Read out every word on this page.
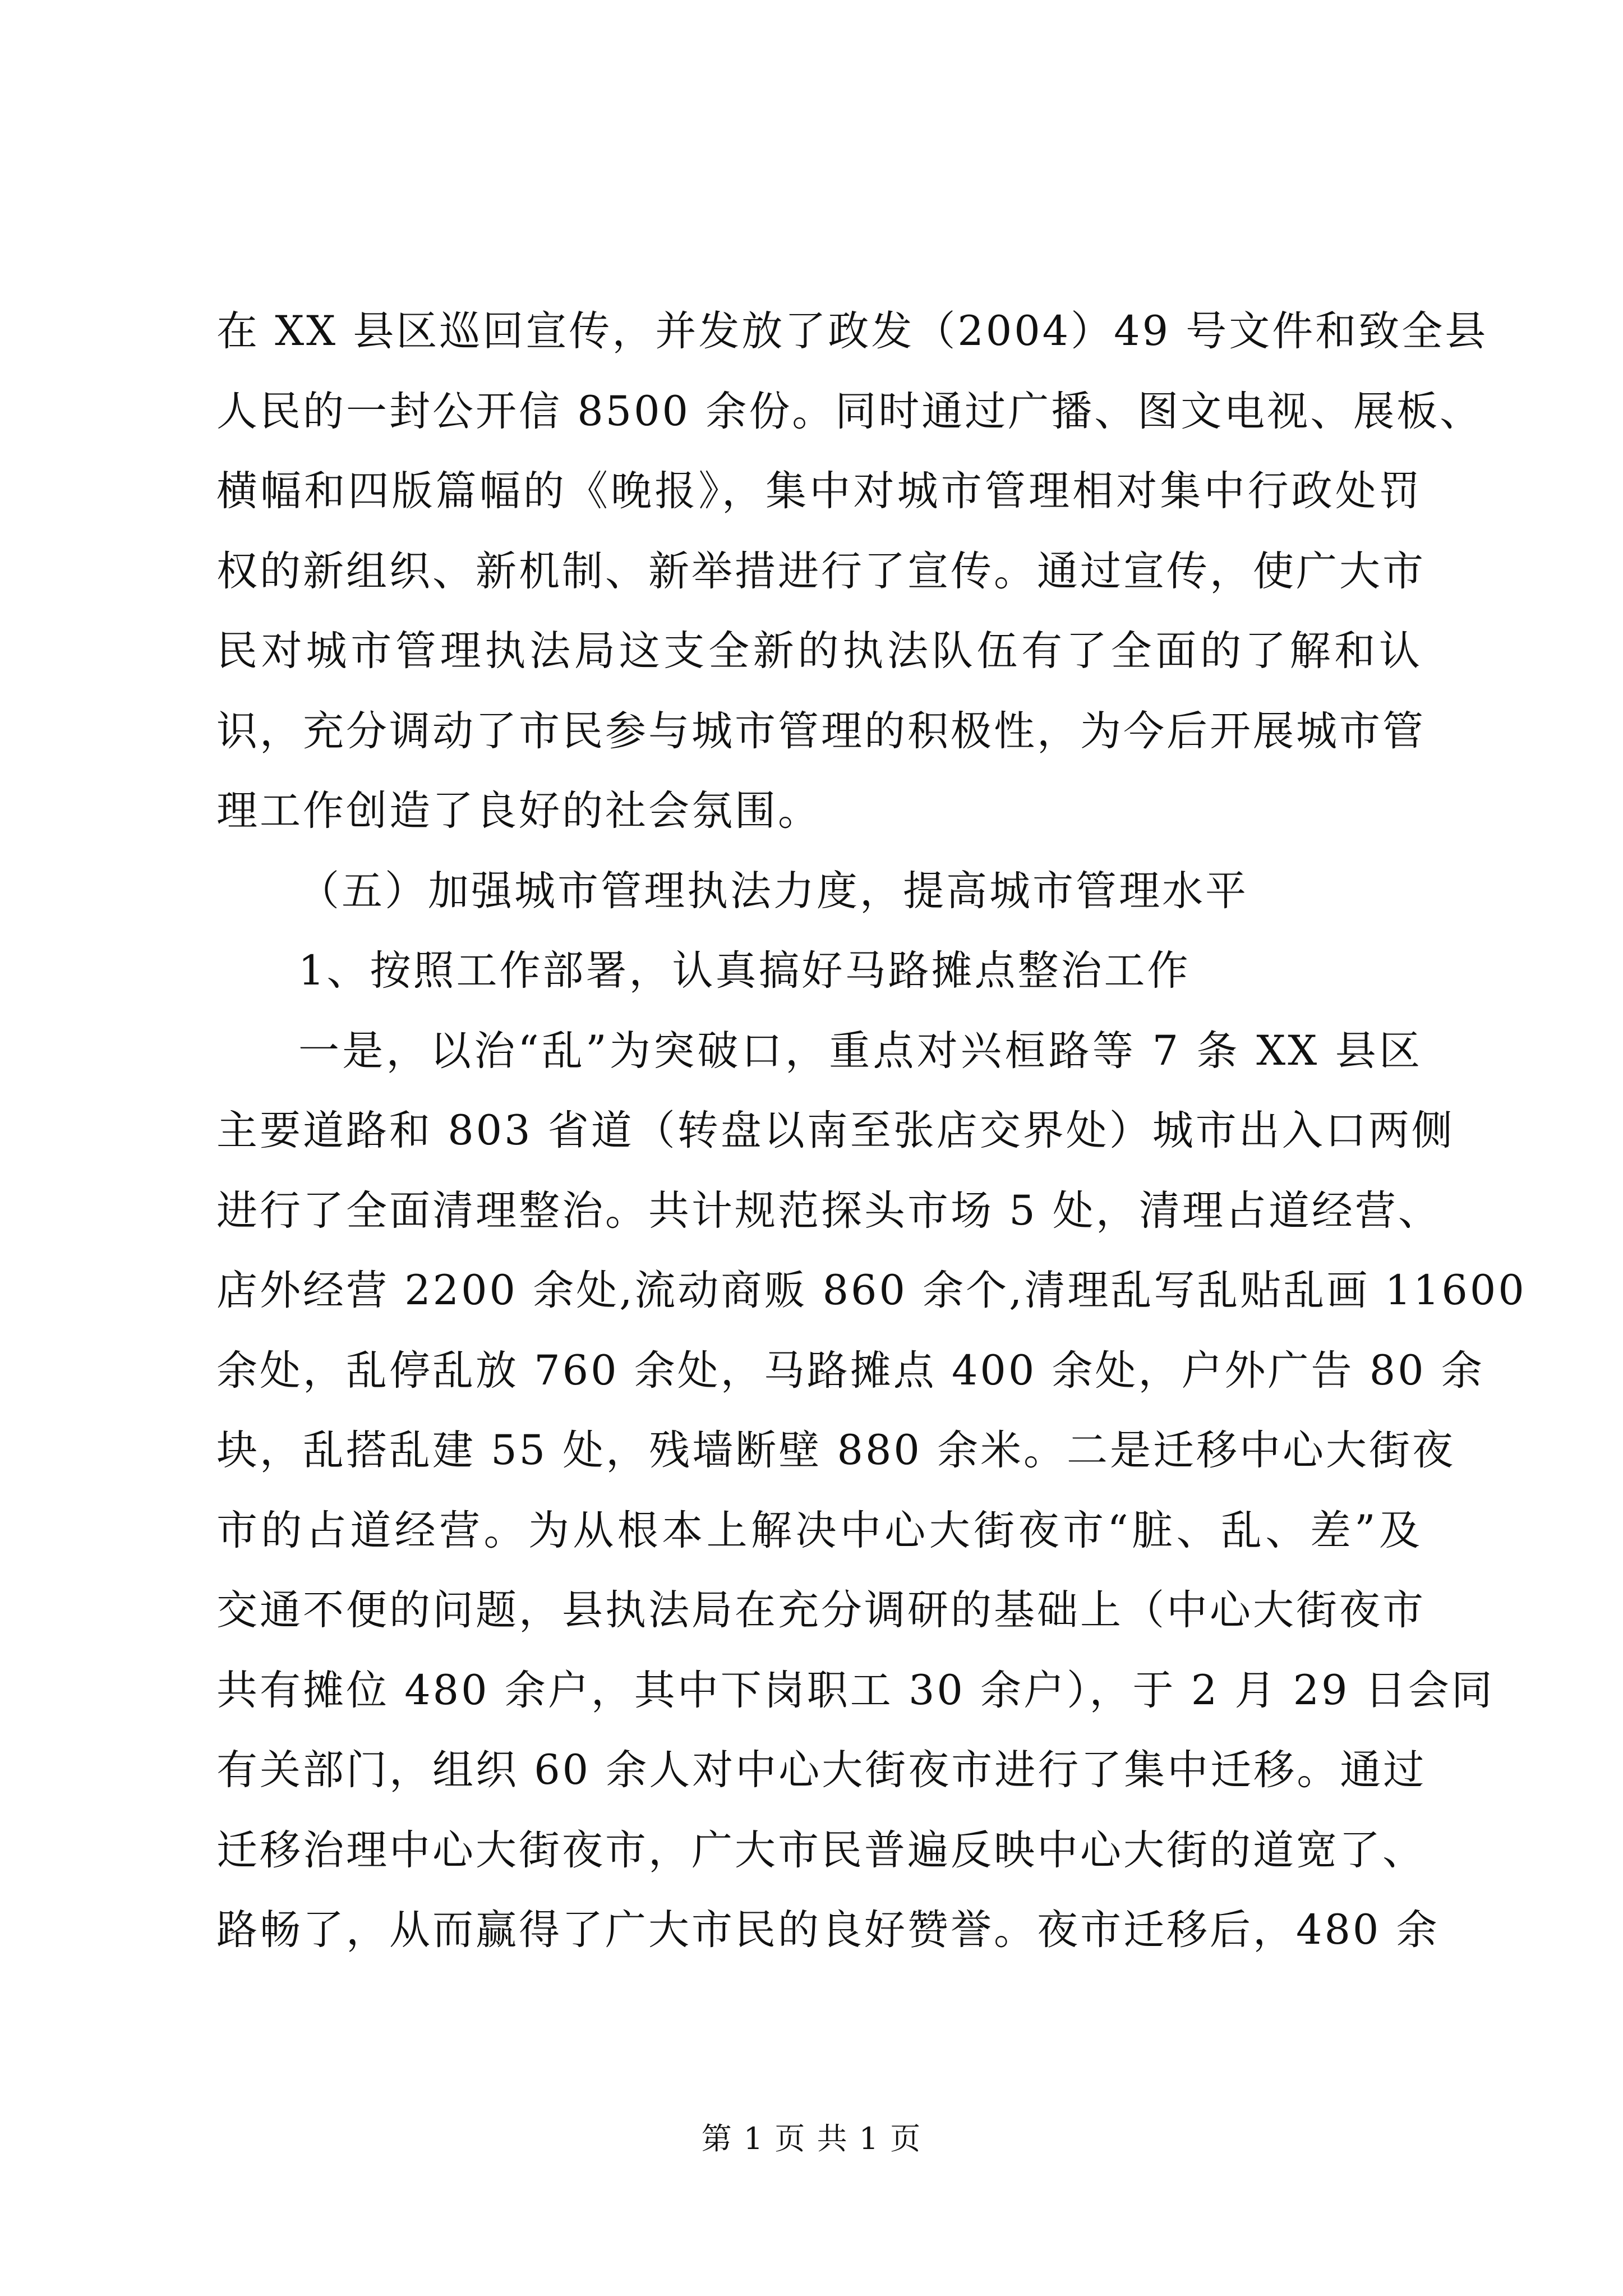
在 XX 县区巡回宣传，并发放了政发（2004）49 号文件和致全县
人民的一封公开信 8500 余份。同时通过广播、图文电视、展板、
横幅和四版篇幅的《晚报》，集中对城市管理相对集中行政处罚
权的新组织、新机制、新举措进行了宣传。通过宣传，使广大市
民对城市管理执法局这支全新的执法队伍有了全面的了解和认
识，充分调动了市民参与城市管理的积极性，为今后开展城市管
理工作创造了良好的社会氛围。
（五）加强城市管理执法力度，提高城市管理水平
1、按照工作部署，认真搞好马路摊点整治工作
一是，以治“乱”为突破口，重点对兴桓路等 7 条 XX 县区
主要道路和 803 省道（转盘以南至张店交界处）城市出入口两侧
进行了全面清理整治。共计规范探头市场 5 处，清理占道经营、
店外经营 2200 余处,流动商贩 860 余个,清理乱写乱贴乱画 11600
余处，乱停乱放 760 余处，马路摊点 400 余处，户外广告 80 余
块，乱搭乱建 55 处，残墙断壁 880 余米。二是迁移中心大街夜
市的占道经营。为从根本上解决中心大街夜市“脏、乱、差”及
交通不便的问题，县执法局在充分调研的基础上（中心大街夜市
共有摊位 480 余户，其中下岗职工 30 余户），于 2 月 29 日会同
有关部门，组织 60 余人对中心大街夜市进行了集中迁移。通过
迁移治理中心大街夜市，广大市民普遍反映中心大街的道宽了、
路畅了，从而赢得了广大市民的良好赞誉。夜市迁移后，480 余
第 1 页 共 1 页
